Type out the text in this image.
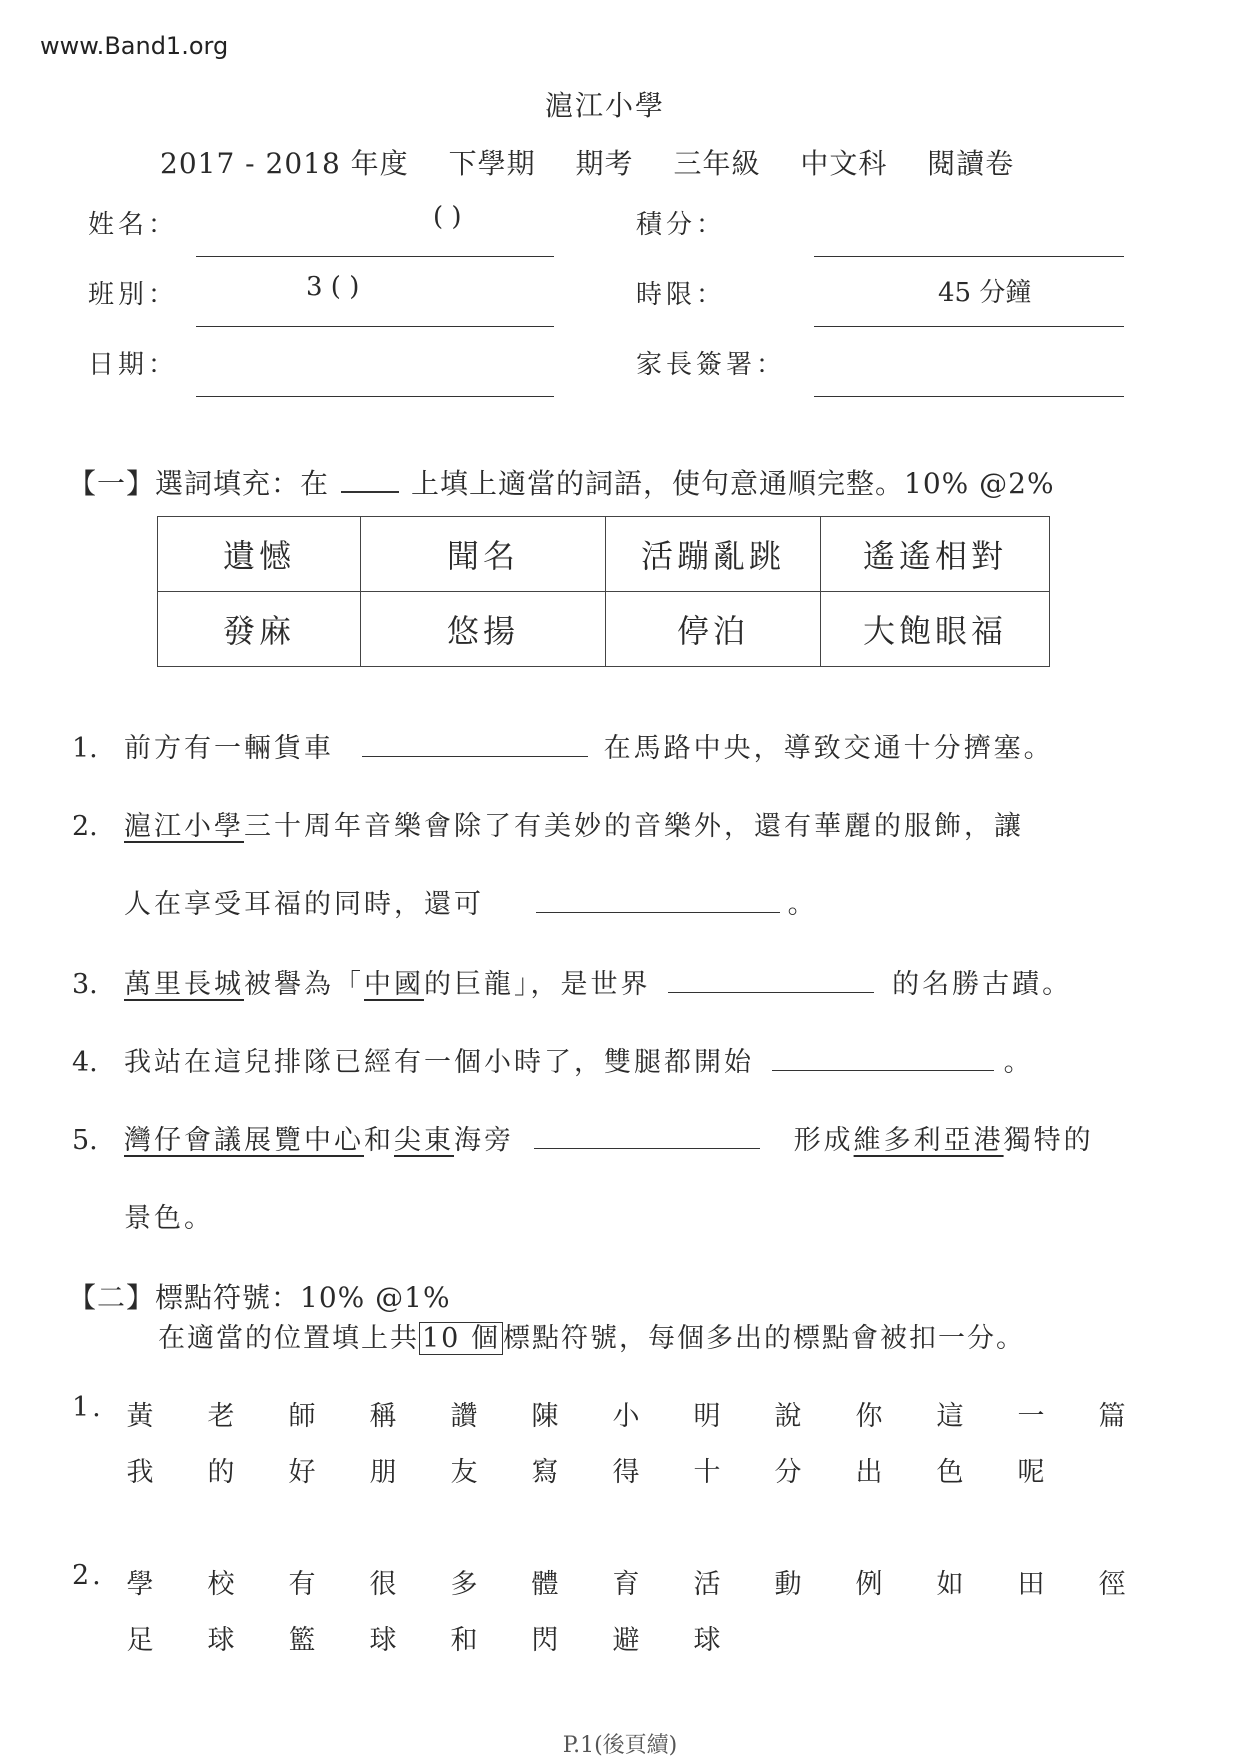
www.Band1.org
滬江小學
2017 - 2018 年度 下學期 期考 三年級 中文科 閱讀卷
姓名：	( )
班別：	3 ( )
日期：
積分：
時限：	45 分鐘
家長簽署：
【一】選詞填充：在	上填上適當的詞語，使句意通順完整。10% @2%
遺憾	聞名	活蹦亂跳	遙遙相對
發麻	悠揚	停泊	大飽眼福
1. 前方有一輛貨車	在馬路中央，導致交通十分擠塞。
2. 滬江小學三十周年音樂會除了有美妙的音樂外，還有華麗的服飾，讓
人在享受耳福的同時，還可	。
3. 萬里長城被譽為「中國的巨龍」，是世界	的名勝古蹟。
4. 我站在這兒排隊已經有一個小時了，雙腿都開始	。
5. 灣仔會議展覽中心和尖東海旁	形成維多利亞港獨特的
景色。
【二】標點符號：10% @1%
在適當的位置填上共 10 個 標點符號，每個多出的標點會被扣一分。
1. 黃 老 師 稱 讚 陳 小 明 說 你 這 一 篇
我 的 好 朋 友 寫 得 十 分 出 色 呢
2. 學 校 有 很 多 體 育 活 動 例 如 田 徑
足 球 籃 球 和 閃 避 球
P.1(後頁續)
